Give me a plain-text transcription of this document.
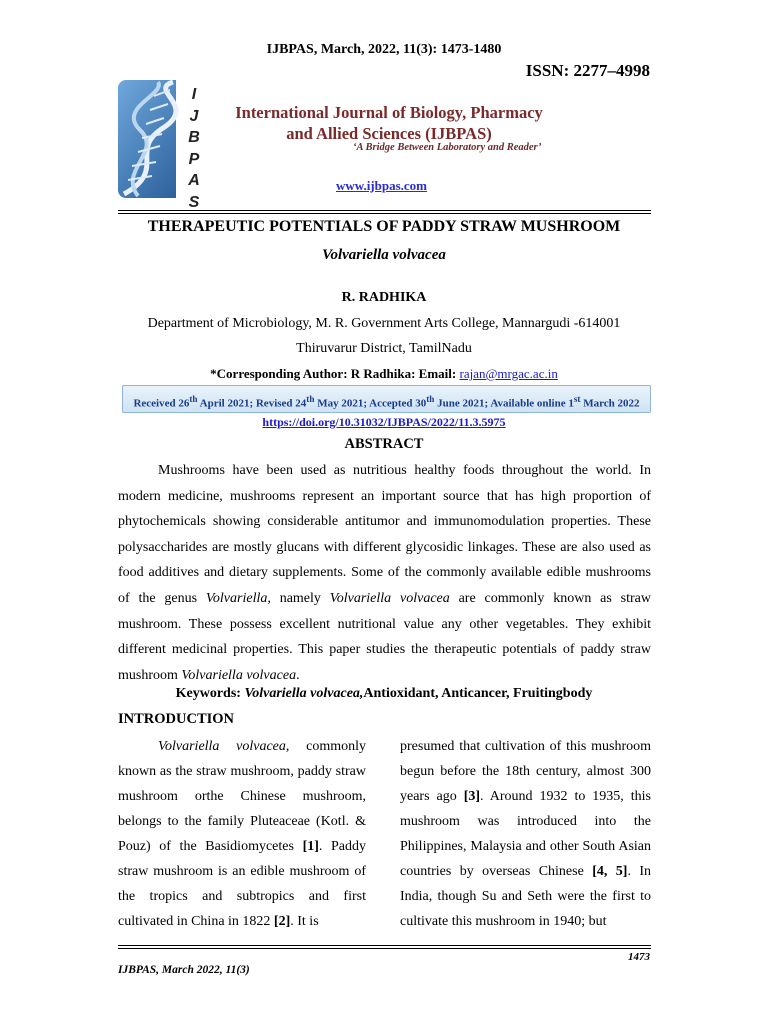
IJBPAS, March, 2022, 11(3): 1473-1480
ISSN: 2277–4998
I
J
B
P
A
S
International Journal of Biology, Pharmacy
and Allied Sciences (IJBPAS)
‘A Bridge Between Laboratory and Reader’
www.ijbpas.com
THERAPEUTIC POTENTIALS OF PADDY STRAW MUSHROOM
Volvariella volvacea
R. RADHIKA
Department of Microbiology, M. R. Government Arts College, Mannargudi -614001
Thiruvarur District, TamilNadu
*Corresponding Author: R Radhika: Email: rajan@mrgac.ac.in
Received 26th April 2021; Revised 24th May 2021; Accepted 30th June 2021; Available online 1st March 2022
https://doi.org/10.31032/IJBPAS/2022/11.3.5975
ABSTRACT
Mushrooms have been used as nutritious healthy foods throughout the world. In modern medicine, mushrooms represent an important source that has high proportion of phytochemicals showing considerable antitumor and immunomodulation properties. These polysaccharides are mostly glucans with different glycosidic linkages. These are also used as food additives and dietary supplements. Some of the commonly available edible mushrooms of the genus Volvariella, namely Volvariella volvacea are commonly known as straw mushroom. These possess excellent nutritional value any other vegetables. They exhibit different medicinal properties. This paper studies the therapeutic potentials of paddy straw mushroom Volvariella volvacea.
Keywords: Volvariella volvacea,Antioxidant, Anticancer, Fruitingbody
INTRODUCTION
Volvariella volvacea, commonly known as the straw mushroom, paddy straw mushroom orthe Chinese mushroom, belongs to the family Pluteaceae (Kotl. & Pouz) of the Basidiomycetes [1]. Paddy straw mushroom is an edible mushroom of the tropics and subtropics and first cultivated in China in 1822 [2]. It is
presumed that cultivation of this mushroom begun before the 18th century, almost 300 years ago [3]. Around 1932 to 1935, this mushroom was introduced into the Philippines, Malaysia and other South Asian countries by overseas Chinese [4, 5]. In India, though Su and Seth were the first to cultivate this mushroom in 1940; but
1473
IJBPAS, March 2022, 11(3)
